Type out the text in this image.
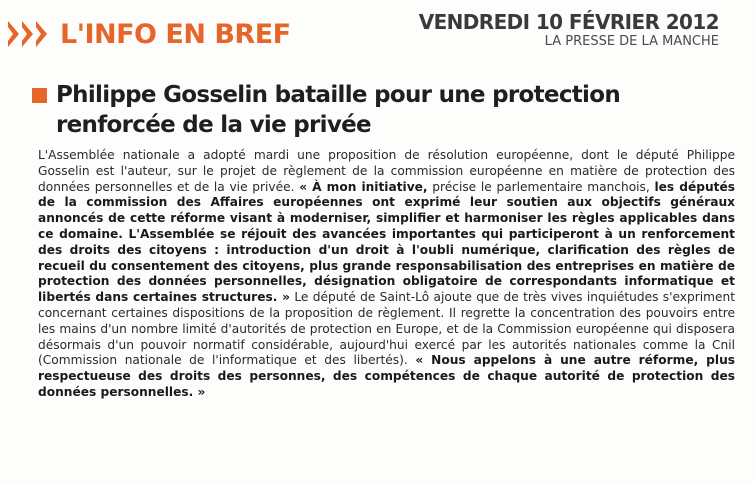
L'INFO EN BREF	VENDREDI 10 FÉVRIER 2012
LA PRESSE DE LA MANCHE
Philippe Gosselin bataille pour une protection renforcée de la vie privée

L'Assemblée nationale a adopté mardi une proposition de résolution européenne, dont le député Philippe Gosselin est l'auteur, sur le projet de règlement de la commission européenne en matière de protection des données personnelles et de la vie privée. « À mon initiative, précise le parlementaire manchois, les députés de la commission des Affaires européennes ont exprimé leur soutien aux objectifs généraux annoncés de cette réforme visant à moderniser, simplifier et harmoniser les règles applicables dans ce domaine. L'Assemblée se réjouit des avancées importantes qui participeront à un renforcement des droits des citoyens : introduction d'un droit à l'oubli numérique, clarification des règles de recueil du consentement des citoyens, plus grande responsabilisation des entreprises en matière de protection des données personnelles, désignation obligatoire de correspondants informatique et libertés dans certaines structures. » Le député de Saint-Lô ajoute que de très vives inquiétudes s'expriment concernant certaines dispositions de la proposition de règlement. Il regrette la concentration des pouvoirs entre les mains d'un nombre limité d'autorités de protection en Europe, et de la Commission européenne qui disposera désormais d'un pouvoir normatif considérable, aujourd'hui exercé par les autorités nationales comme la Cnil (Commission nationale de l'informatique et des libertés). « Nous appelons à une autre réforme, plus respectueuse des droits des personnes, des compétences de chaque autorité de protection des données personnelles. »
